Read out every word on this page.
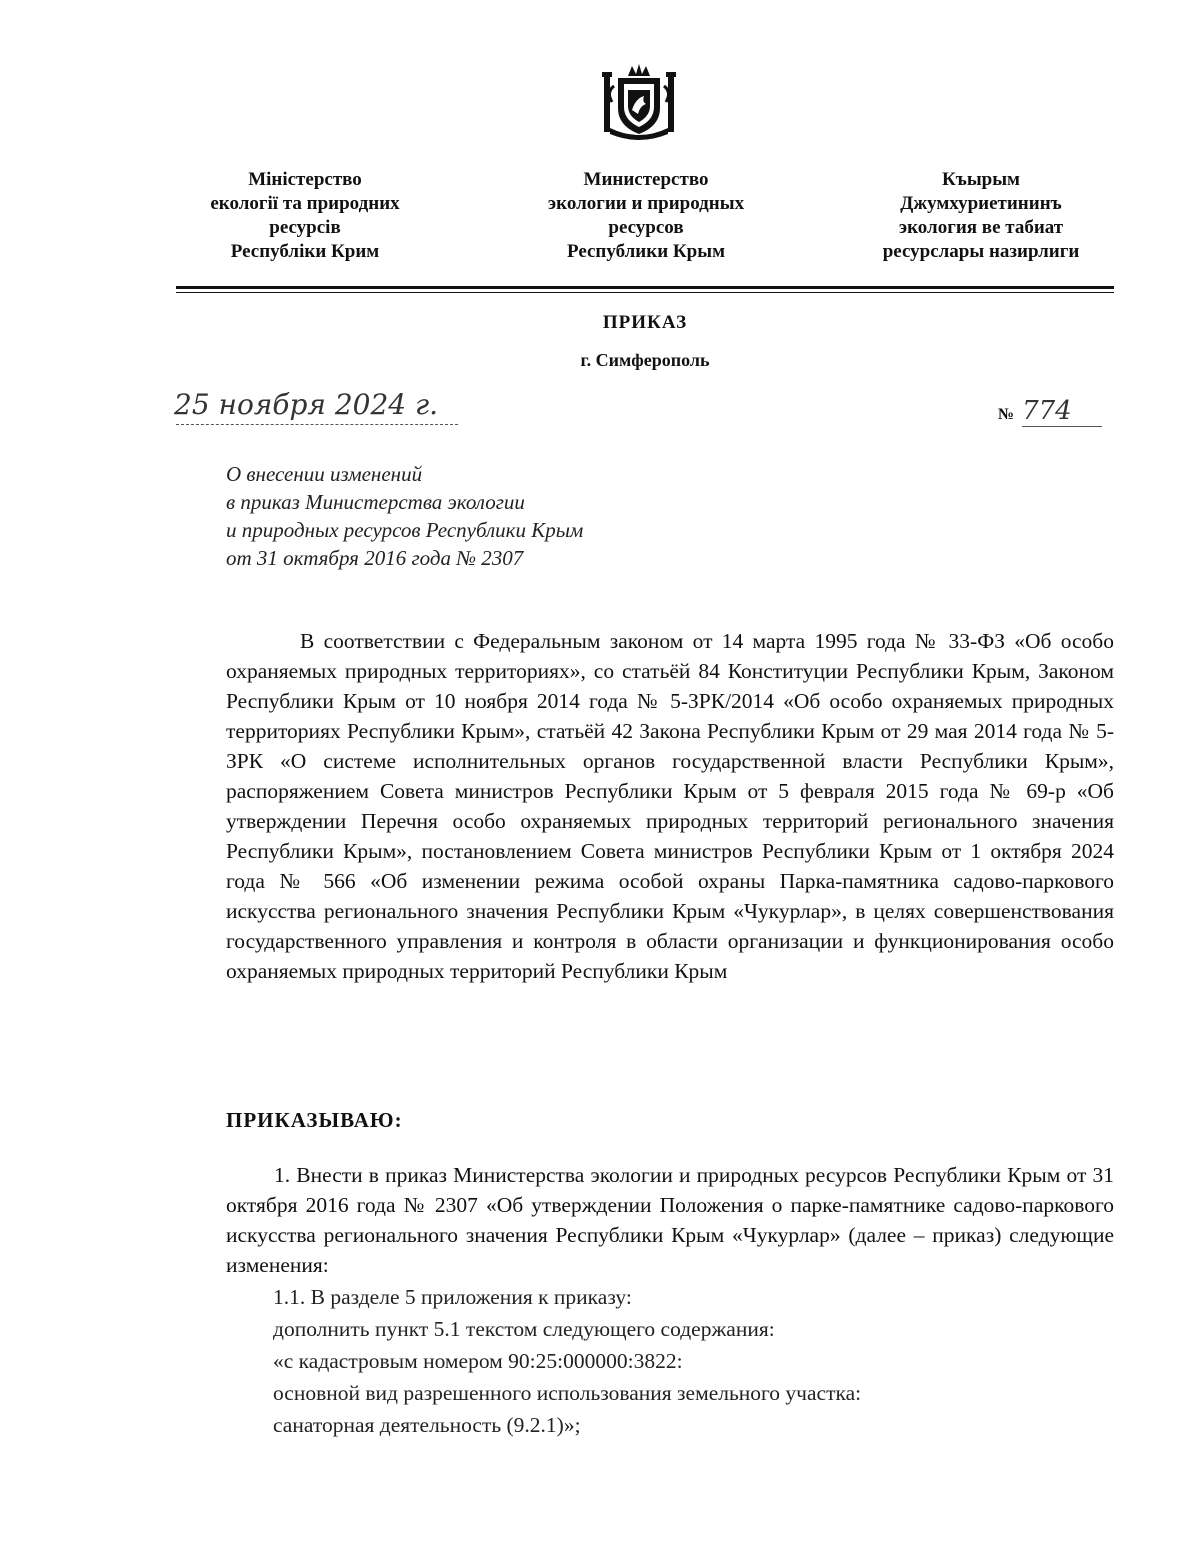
Міністерство
екології та природних
ресурсів
Республіки Крим
Министерство
экологии и природных
ресурсов
Республики Крым
Къырым
Джумхуриетининъ
экология ве табиат
ресурслары назирлиги
ПРИКАЗ
г. Симферополь
25 ноября 2024 г.	№ 774
О внесении изменений
в приказ Министерства экологии
и природных ресурсов Республики Крым
от 31 октября 2016 года № 2307
В соответствии с Федеральным законом от 14 марта 1995 года № 33-ФЗ «Об особо охраняемых природных территориях», со статьёй 84 Конституции Республики Крым, Законом Республики Крым от 10 ноября 2014 года № 5-ЗРК/2014 «Об особо охраняемых природных территориях Республики Крым», статьёй 42 Закона Республики Крым от 29 мая 2014 года № 5-ЗРК «О системе исполнительных органов государственной власти Республики Крым», распоряжением Совета министров Республики Крым от 5 февраля 2015 года № 69-р «Об утверждении Перечня особо охраняемых природных территорий регионального значения Республики Крым», постановлением Совета министров Республики Крым от 1 октября 2024 года № 566 «Об изменении режима особой охраны Парка-памятника садово-паркового искусства регионального значения Республики Крым «Чукурлар», в целях совершенствования государственного управления и контроля в области организации и функционирования особо охраняемых природных территорий Республики Крым
ПРИКАЗЫВАЮ:
1. Внести в приказ Министерства экологии и природных ресурсов Республики Крым от 31 октября 2016 года № 2307 «Об утверждении Положения о парке-памятнике садово-паркового искусства регионального значения Республики Крым «Чукурлар» (далее – приказ) следующие изменения:
1.1. В разделе 5 приложения к приказу:
дополнить пункт 5.1 текстом следующего содержания:
«с кадастровым номером 90:25:000000:3822:
основной вид разрешенного использования земельного участка:
санаторная деятельность (9.2.1)»;
